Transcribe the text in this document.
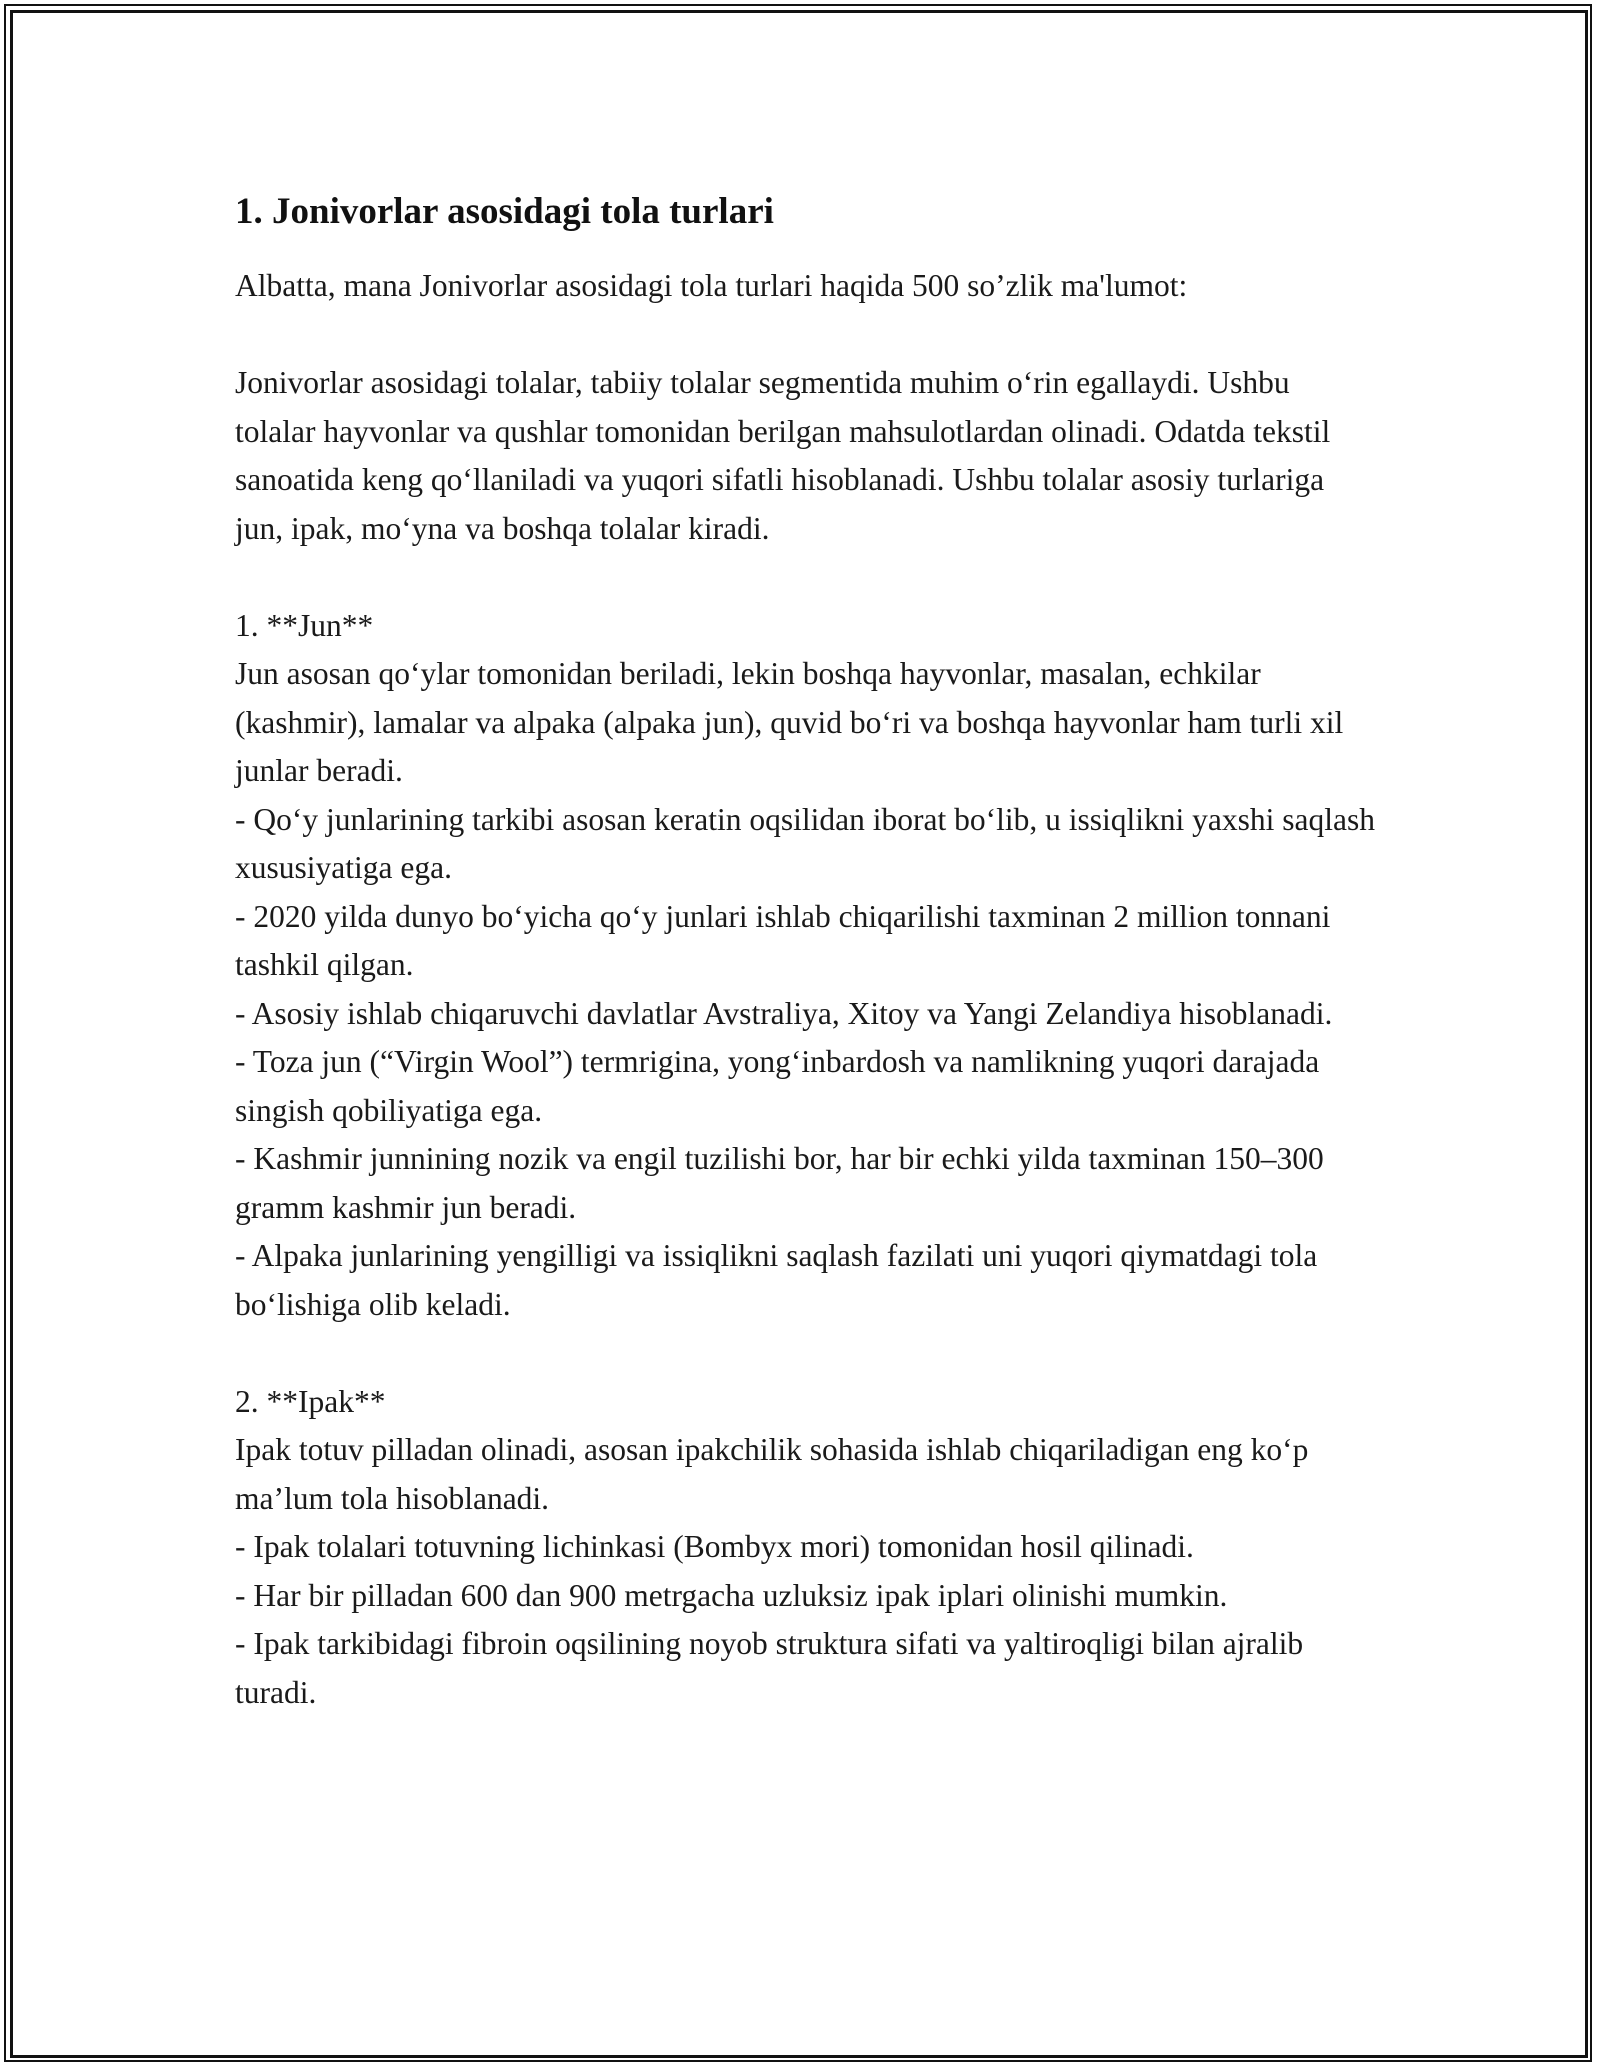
1. Jonivorlar asosidagi tola turlari

Albatta, mana Jonivorlar asosidagi tola turlari haqida 500 so’zlik ma'lumot:

Jonivorlar asosidagi tolalar, tabiiy tolalar segmentida muhim o‘rin egallaydi. Ushbu tolalar hayvonlar va qushlar tomonidan berilgan mahsulotlardan olinadi. Odatda tekstil sanoatida keng qo‘llaniladi va yuqori sifatli hisoblanadi. Ushbu tolalar asosiy turlariga jun, ipak, mo‘yna va boshqa tolalar kiradi.

1. **Jun**

Jun asosan qo‘ylar tomonidan beriladi, lekin boshqa hayvonlar, masalan, echkilar (kashmir), lamalar va alpaka (alpaka jun), quvid bo‘ri va boshqa hayvonlar ham turli xil junlar beradi.

- Qo‘y junlarining tarkibi asosan keratin oqsilidan iborat bo‘lib, u issiqlikni yaxshi saqlash xususiyatiga ega.

- 2020 yilda dunyo bo‘yicha qo‘y junlari ishlab chiqarilishi taxminan 2 million tonnani tashkil qilgan.

- Asosiy ishlab chiqaruvchi davlatlar Avstraliya, Xitoy va Yangi Zelandiya hisoblanadi.

- Toza jun (“Virgin Wool”) termrigina, yong‘inbardosh va namlikning yuqori darajada singish qobiliyatiga ega.

- Kashmir junnining nozik va engil tuzilishi bor, har bir echki yilda taxminan 150–300 gramm kashmir jun beradi.

- Alpaka junlarining yengilligi va issiqlikni saqlash fazilati uni yuqori qiymatdagi tola bo‘lishiga olib keladi.

2. **Ipak**

Ipak totuv pilladan olinadi, asosan ipakchilik sohasida ishlab chiqariladigan eng ko‘p ma’lum tola hisoblanadi.

- Ipak tolalari totuvning lichinkasi (Bombyx mori) tomonidan hosil qilinadi.

- Har bir pilladan 600 dan 900 metrgacha uzluksiz ipak iplari olinishi mumkin.

- Ipak tarkibidagi fibroin oqsilining noyob struktura sifati va yaltiroqligi bilan ajralib turadi.
